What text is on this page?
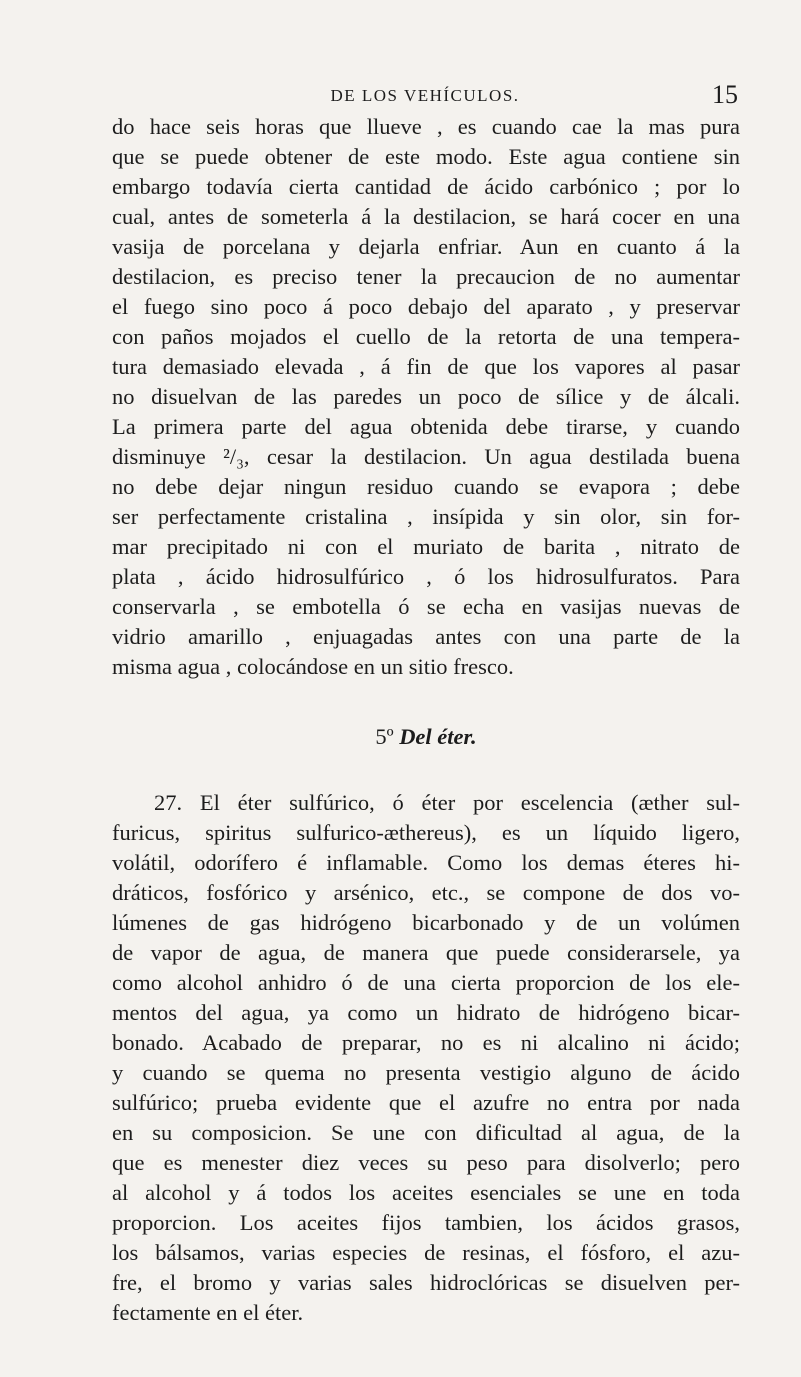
DE LOS VEHÍCULOS.	15
do hace seis horas que llueve , es cuando cae la mas pura
que se puede obtener de este modo. Este agua contiene sin
embargo todavía cierta cantidad de ácido carbónico ; por lo
cual, antes de someterla á la destilacion, se hará cocer en una
vasija de porcelana y dejarla enfriar. Aun en cuanto á la
destilacion, es preciso tener la precaucion de no aumentar
el fuego sino poco á poco debajo del aparato , y preservar
con paños mojados el cuello de la retorta de una tempera-
tura demasiado elevada , á fin de que los vapores al pasar
no disuelvan de las paredes un poco de sílice y de álcali.
La primera parte del agua obtenida debe tirarse, y cuando
disminuye ²/₃, cesar la destilacion. Un agua destilada buena
no debe dejar ningun residuo cuando se evapora ; debe
ser perfectamente cristalina , insípida y sin olor, sin for-
mar precipitado ni con el muriato de barita , nitrato de
plata , ácido hidrosulfúrico , ó los hidrosulfuratos. Para
conservarla , se embotella ó se echa en vasijas nuevas de
vidrio amarillo , enjuagadas antes con una parte de la
misma agua , colocándose en un sitio fresco.
5º Del éter.
27. El éter sulfúrico, ó éter por escelencia (æther sul-
furicus, spiritus sulfurico-æthereus), es un líquido ligero,
volátil, odorífero é inflamable. Como los demas éteres hi-
dráticos, fosfórico y arsénico, etc., se compone de dos vo-
lúmenes de gas hidrógeno bicarbonado y de un volúmen
de vapor de agua, de manera que puede considerarsele, ya
como alcohol anhidro ó de una cierta proporcion de los ele-
mentos del agua, ya como un hidrato de hidrógeno bicar-
bonado. Acabado de preparar, no es ni alcalino ni ácido;
y cuando se quema no presenta vestigio alguno de ácido
sulfúrico; prueba evidente que el azufre no entra por nada
en su composicion. Se une con dificultad al agua, de la
que es menester diez veces su peso para disolverlo; pero
al alcohol y á todos los aceites esenciales se une en toda
proporcion. Los aceites fijos tambien, los ácidos grasos,
los bálsamos, varias especies de resinas, el fósforo, el azu-
fre, el bromo y varias sales hidroclóricas se disuelven per-
fectamente en el éter.
